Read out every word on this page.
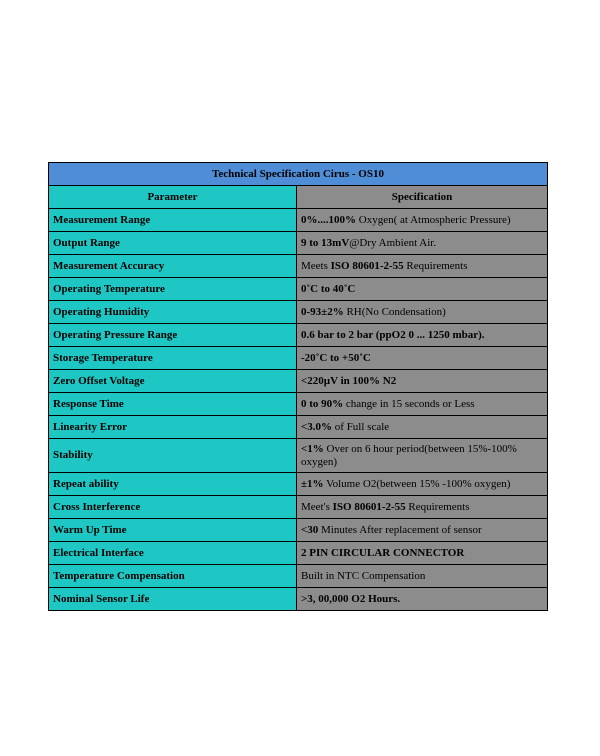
Technical Specification Cirus - OS10	
Parameter	Specification
Measurement Range	0%....100% Oxygen( at Atmospheric Pressure)
Output Range	9 to 13mV@Dry Ambient Air.
Measurement Accuracy	Meets ISO 80601-2-55 Requirements
Operating Temperature	0˚C to 40˚C
Operating Humidity	0-93±2% RH(No Condensation)
Operating Pressure Range	0.6 bar to 2 bar (ppO2 0 ... 1250 mbar).
Storage Temperature	-20˚C to +50˚C
Zero Offset Voltage	<220µV in 100% N2
Response Time	0 to 90% change in 15 seconds or Less
Linearity Error	<3.0% of Full scale
Stability	<1% Over on 6 hour period(between 15%-100% oxygen)
Repeat ability	±1% Volume O2(between 15% -100% oxygen)
Cross Interference	Meet's ISO 80601-2-55 Requirements
Warm Up Time	<30 Minutes After replacement of sensor
Electrical Interface	2 PIN CIRCULAR CONNECTOR
Temperature Compensation	Built in NTC Compensation
Nominal Sensor Life	>3, 00,000 O2 Hours.
